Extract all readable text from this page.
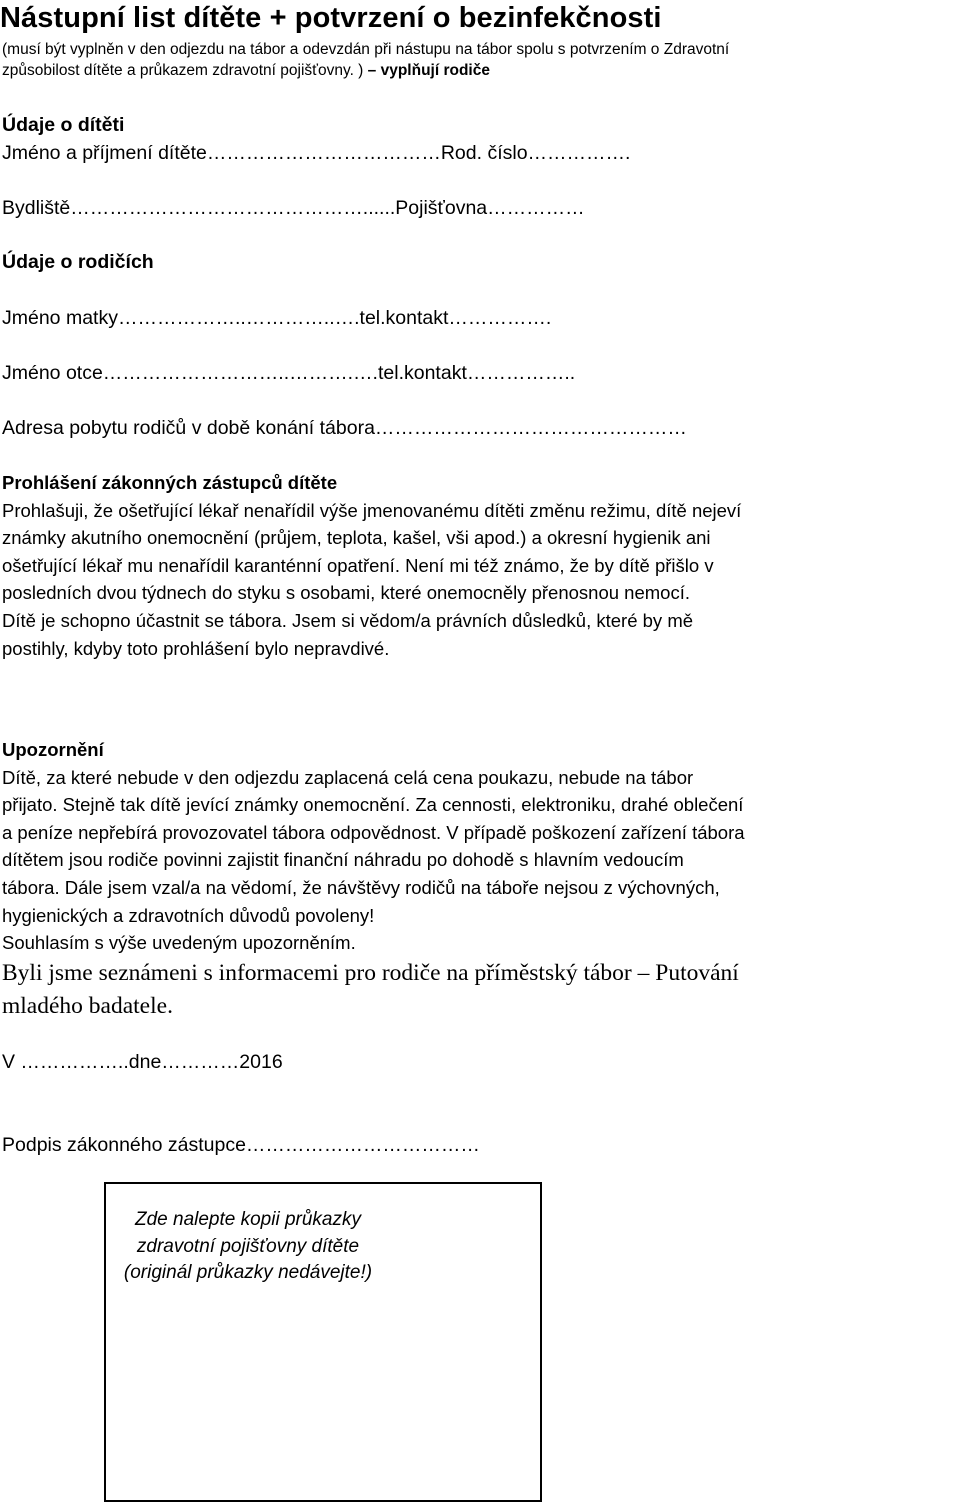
Nástupní list dítěte + potvrzení o bezinfekčnosti
(musí být vyplněn v den odjezdu na tábor a odevzdán při nástupu na tábor spolu s potvrzením o Zdravotní
způsobilost dítěte a průkazem zdravotní pojišťovny. ) – vyplňují rodiče
Údaje o dítěti
Jméno a příjmení dítěte………………………………Rod. číslo…………….
Bydliště………………………………………......Pojišťovna……………
Údaje o rodičích
Jméno matky………………..…………..….tel.kontakt…………….
Jméno otce………………………..……….….tel.kontakt……………..
Adresa pobytu rodičů v době konání tábora…………………………………………
Prohlášení zákonných zástupců dítěte
Prohlašuji, že ošetřující lékař nenařídil výše jmenovanému dítěti změnu režimu, dítě nejeví
známky akutního onemocnění (průjem, teplota, kašel, vši apod.) a okresní hygienik ani
ošetřující lékař mu nenařídil karanténní opatření. Není mi též známo, že by dítě přišlo v
posledních dvou týdnech do styku s osobami, které onemocněly přenosnou nemocí.
Dítě je schopno účastnit se tábora. Jsem si vědom/a právních důsledků, které by mě
postihly, kdyby toto prohlášení bylo nepravdivé.
Upozornění
Dítě, za které nebude v den odjezdu zaplacená celá cena poukazu, nebude na tábor
přijato. Stejně tak dítě jevící známky onemocnění. Za cennosti, elektroniku, drahé oblečení
a peníze nepřebírá provozovatel tábora odpovědnost. V případě poškození zařízení tábora
dítětem jsou rodiče povinni zajistit finanční náhradu po dohodě s hlavním vedoucím
tábora. Dále jsem vzal/a na vědomí, že návštěvy rodičů na táboře nejsou z výchovných,
hygienických a zdravotních důvodů povoleny!
Souhlasím s výše uvedeným upozorněním.
Byli jsme seznámeni s informacemi pro rodiče na příměstský tábor – Putování
mladého badatele.
V ……………..dne…………2016
Podpis zákonného zástupce………………………………
Zde nalepte kopii průkazky
zdravotní pojišťovny dítěte
(originál průkazky nedávejte!)
